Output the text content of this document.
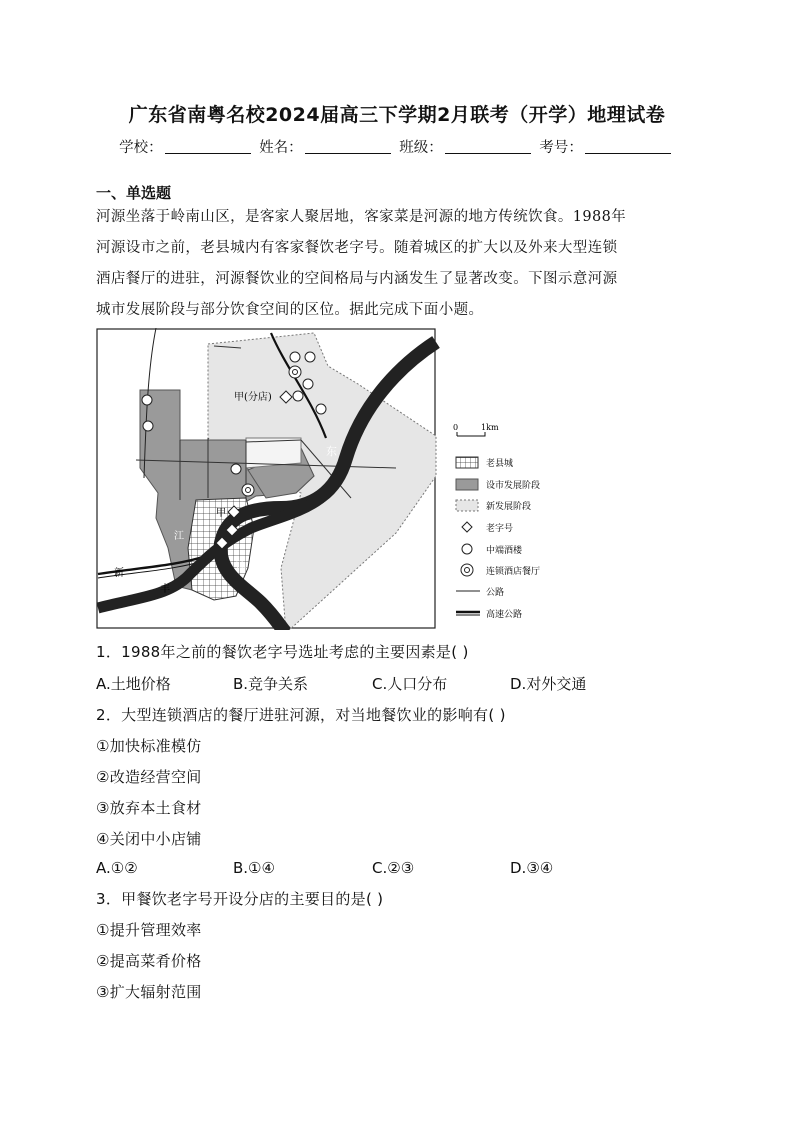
广东省南粤名校2024届高三下学期2月联考（开学）地理试卷
学校：	姓名：	班级：	考号：
一、单选题
河源坐落于岭南山区，是客家人聚居地，客家菜是河源的地方传统饮食。1988年
河源设市之前，老县城内有客家餐饮老字号。随着城区的扩大以及外来大型连锁
酒店餐厅的进驻，河源餐饮业的空间格局与内涵发生了显著改变。下图示意河源
城市发展阶段与部分饮食空间的区位。据此完成下面小题。
甲(分店)
甲
东
江
江
新
丰
0	1km
老县城
设市发展阶段
新发展阶段
老字号
中端酒楼
连锁酒店餐厅
公路
高速公路
1．1988年之前的餐饮老字号选址考虑的主要因素是( )
A.土地价格	B.竞争关系	C.人口分布	D.对外交通
2．大型连锁酒店的餐厅进驻河源，对当地餐饮业的影响有( )
①加快标准模仿
②改造经营空间
③放弃本土食材
④关闭中小店铺
A.①②	B.①④	C.②③	D.③④
3．甲餐饮老字号开设分店的主要目的是( )
①提升管理效率
②提高菜肴价格
③扩大辐射范围
